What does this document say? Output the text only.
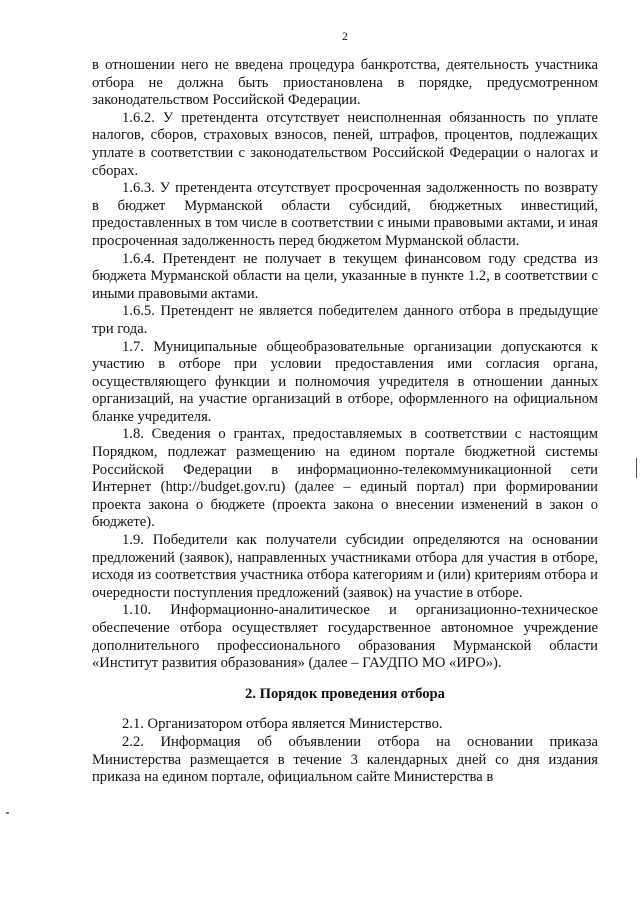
2

в отношении него не введена процедура банкротства, деятельность участника отбора не должна быть приостановлена в порядке, предусмотренном законодательством Российской Федерации.

1.6.2. У претендента отсутствует неисполненная обязанность по уплате налогов, сборов, страховых взносов, пеней, штрафов, процентов, подлежащих уплате в соответствии с законодательством Российской Федерации о налогах и сборах.

1.6.3. У претендента отсутствует просроченная задолженность по возврату в бюджет Мурманской области субсидий, бюджетных инвестиций, предоставленных в том числе в соответствии с иными правовыми актами, и иная просроченная задолженность перед бюджетом Мурманской области.

1.6.4. Претендент не получает в текущем финансовом году средства из бюджета Мурманской области на цели, указанные в пункте 1.2, в соответствии с иными правовыми актами.

1.6.5. Претендент не является победителем данного отбора в предыдущие три года.

1.7. Муниципальные общеобразовательные организации допускаются к участию в отборе при условии предоставления ими согласия органа, осуществляющего функции и полномочия учредителя в отношении данных организаций, на участие организаций в отборе, оформленного на официальном бланке учредителя.

1.8. Сведения о грантах, предоставляемых в соответствии с настоящим Порядком, подлежат размещению на едином портале бюджетной системы Российской Федерации в информационно-телекоммуникационной сети Интернет (http://budget.gov.ru) (далее – единый портал) при формировании проекта закона о бюджете (проекта закона о внесении изменений в закон о бюджете).

1.9. Победители как получатели субсидии определяются на основании предложений (заявок), направленных участниками отбора для участия в отборе, исходя из соответствия участника отбора категориям и (или) критериям отбора и очередности поступления предложений (заявок) на участие в отборе.

1.10. Информационно-аналитическое и организационно-техническое обеспечение отбора осуществляет государственное автономное учреждение дополнительного профессионального образования Мурманской области «Институт развития образования» (далее – ГАУДПО МО «ИРО»).

2. Порядок проведения отбора

2.1. Организатором отбора является Министерство.

2.2. Информация об объявлении отбора на основании приказа Министерства размещается в течение 3 календарных дней со дня издания приказа на едином портале, официальном сайте Министерства в
